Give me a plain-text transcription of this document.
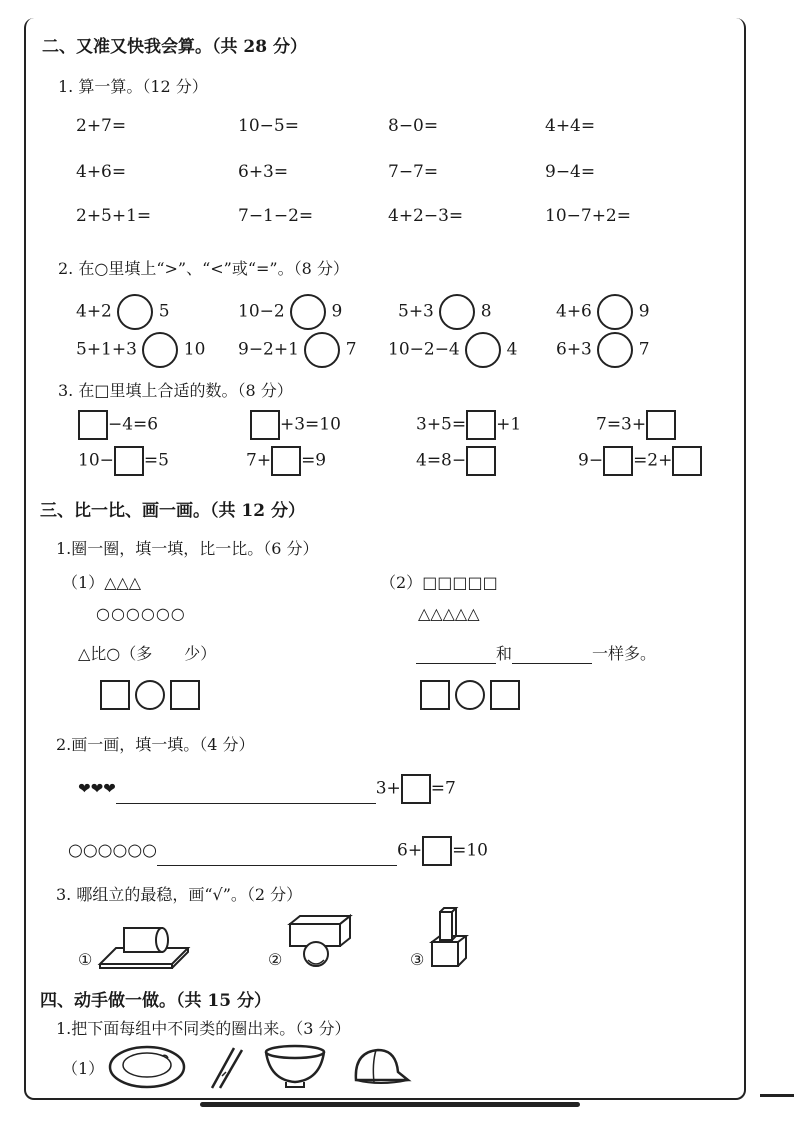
二、又准又快我会算。（共 28 分）
1. 算一算。（12 分）
2+7=	10−5=	8−0=	4+4=
4+6=	6+3=	7−7=	9−4=
2+5+1=	7−1−2=	4+2−3=	10−7+2=
2. 在○里填上“>”、“<”或“=”。（8 分）
4+2	5	10−2	9	5+3	8	4+6	9
5+1+3	10 9−2+1	7 10−2−4	4 6+3	7
3. 在□里填上合适的数。（8 分）
−4=6	+3=10	3+5= +1	7=3+
10− =5	7+ =9	4=8−	9− =2+
三、比一比、画一画。（共 12 分）
1.圈一圈，填一填，比一比。（6 分）
（1）△△△
○○○○○○
△比○（多　　少）

（2）□□□□□
△△△△△
和	一样多。

2.画一画，填一填。（4 分）
❤❤❤	3+ =7
○○○○○○	6+ =10
3. 哪组立的最稳，画“√”。（2 分）
①	②	③
四、动手做一做。（共 15 分）
1.把下面每组中不同类的圈出来。（3 分）
（1）
